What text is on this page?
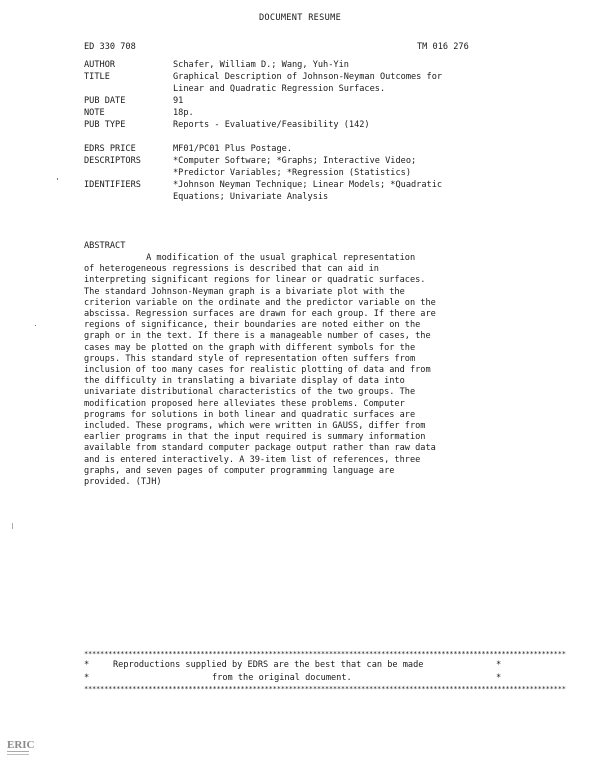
DOCUMENT RESUME
ED 330 708	TM 016 276
AUTHOR	Schafer, William D.; Wang, Yuh-Yin
TITLE	Graphical Description of Johnson-Neyman Outcomes for
Linear and Quadratic Regression Surfaces.
PUB DATE	91
NOTE	18p.
PUB TYPE	Reports - Evaluative/Feasibility (142)
EDRS PRICE	MF01/PC01 Plus Postage.
DESCRIPTORS	*Computer Software; *Graphs; Interactive Video;
*Predictor Variables; *Regression (Statistics)
IDENTIFIERS	*Johnson Neyman Technique; Linear Models; *Quadratic
Equations; Univariate Analysis
ABSTRACT
A modification of the usual graphical representation
of heterogeneous regressions is described that can aid in
interpreting significant regions for linear or quadratic surfaces.
The standard Johnson-Neyman graph is a bivariate plot with the
criterion variable on the ordinate and the predictor variable on the
abscissa. Regression surfaces are drawn for each group. If there are
regions of significance, their boundaries are noted either on the
graph or in the text. If there is a manageable number of cases, the
cases may be plotted on the graph with different symbols for the
groups. This standard style of representation often suffers from
inclusion of too many cases for realistic plotting of data and from
the difficulty in translating a bivariate display of data into
univariate distributional characteristics of the two groups. The
modification proposed here alleviates these problems. Computer
programs for solutions in both linear and quadratic surfaces are
included. These programs, which were written in GAUSS, differ from
earlier programs in that the input required is summary information
available from standard computer package output rather than raw data
and is entered interactively. A 39-item list of references, three
graphs, and seven pages of computer programming language are
provided. (TJH)
************************************************************************************************************************
*	Reproductions supplied by EDRS are the best that can be made	*
*	from the original document.	*
************************************************************************************************************************
ERIC
